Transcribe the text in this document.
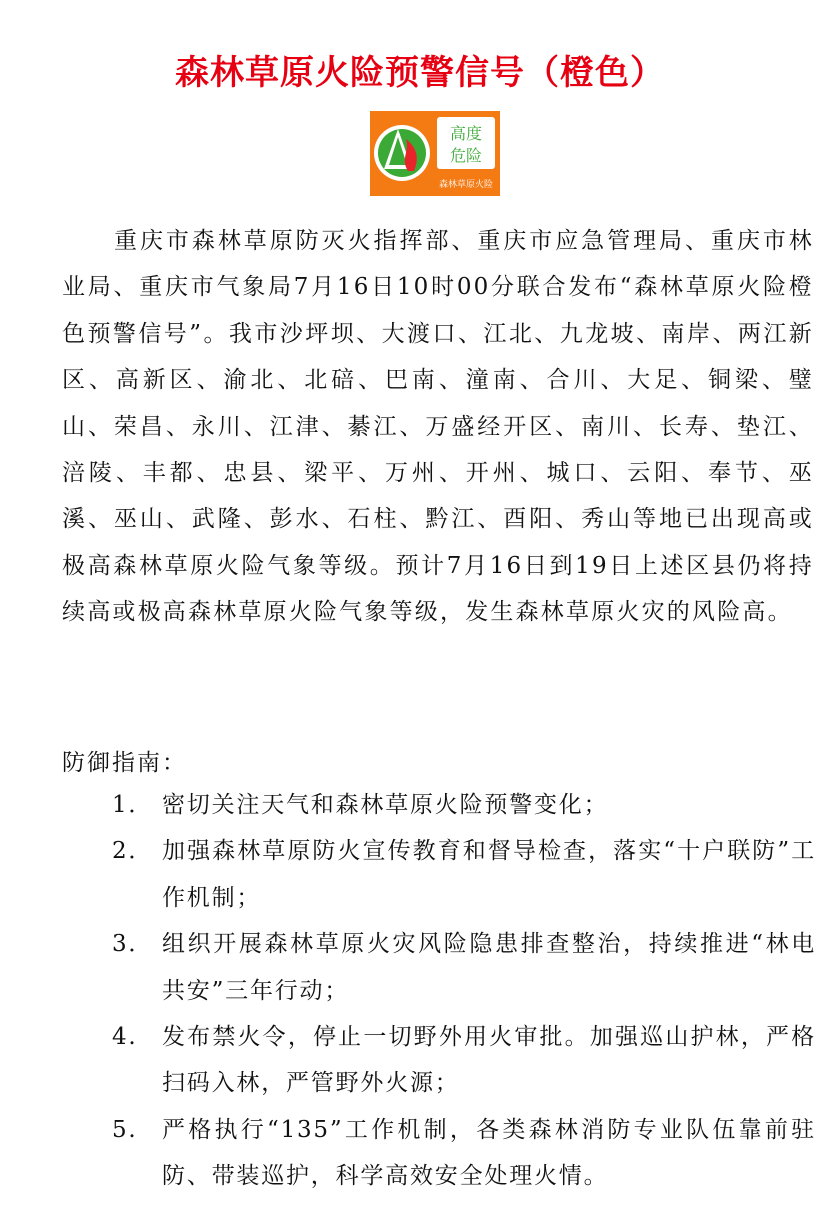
森林草原火险预警信号（橙色）
高度
危险
森林草原火险

重庆市森林草原防灭火指挥部、重庆市应急管理局、重庆市林业局、重庆市气象局7月16日10时00分联合发布“森林草原火险橙色预警信号”。我市沙坪坝、大渡口、江北、九龙坡、南岸、两江新区、高新区、渝北、北碚、巴南、潼南、合川、大足、铜梁、璧山、荣昌、永川、江津、綦江、万盛经开区、南川、长寿、垫江、涪陵、丰都、忠县、梁平、万州、开州、城口、云阳、奉节、巫溪、巫山、武隆、彭水、石柱、黔江、酉阳、秀山等地已出现高或极高森林草原火险气象等级。预计7月16日到19日上述区县仍将持续高或极高森林草原火险气象等级，发生森林草原火灾的风险高。

防御指南：

1． 密切关注天气和森林草原火险预警变化；
2． 加强森林草原防火宣传教育和督导检查，落实“十户联防”工作机制；
3． 组织开展森林草原火灾风险隐患排查整治，持续推进“林电共安”三年行动；
4.	发布禁火令，停止一切野外用火审批。加强巡山护林，严格扫码入林，严管野外火源；
5.	严格执行“135”工作机制，各类森林消防专业队伍靠前驻防、带装巡护，科学高效安全处理火情。
